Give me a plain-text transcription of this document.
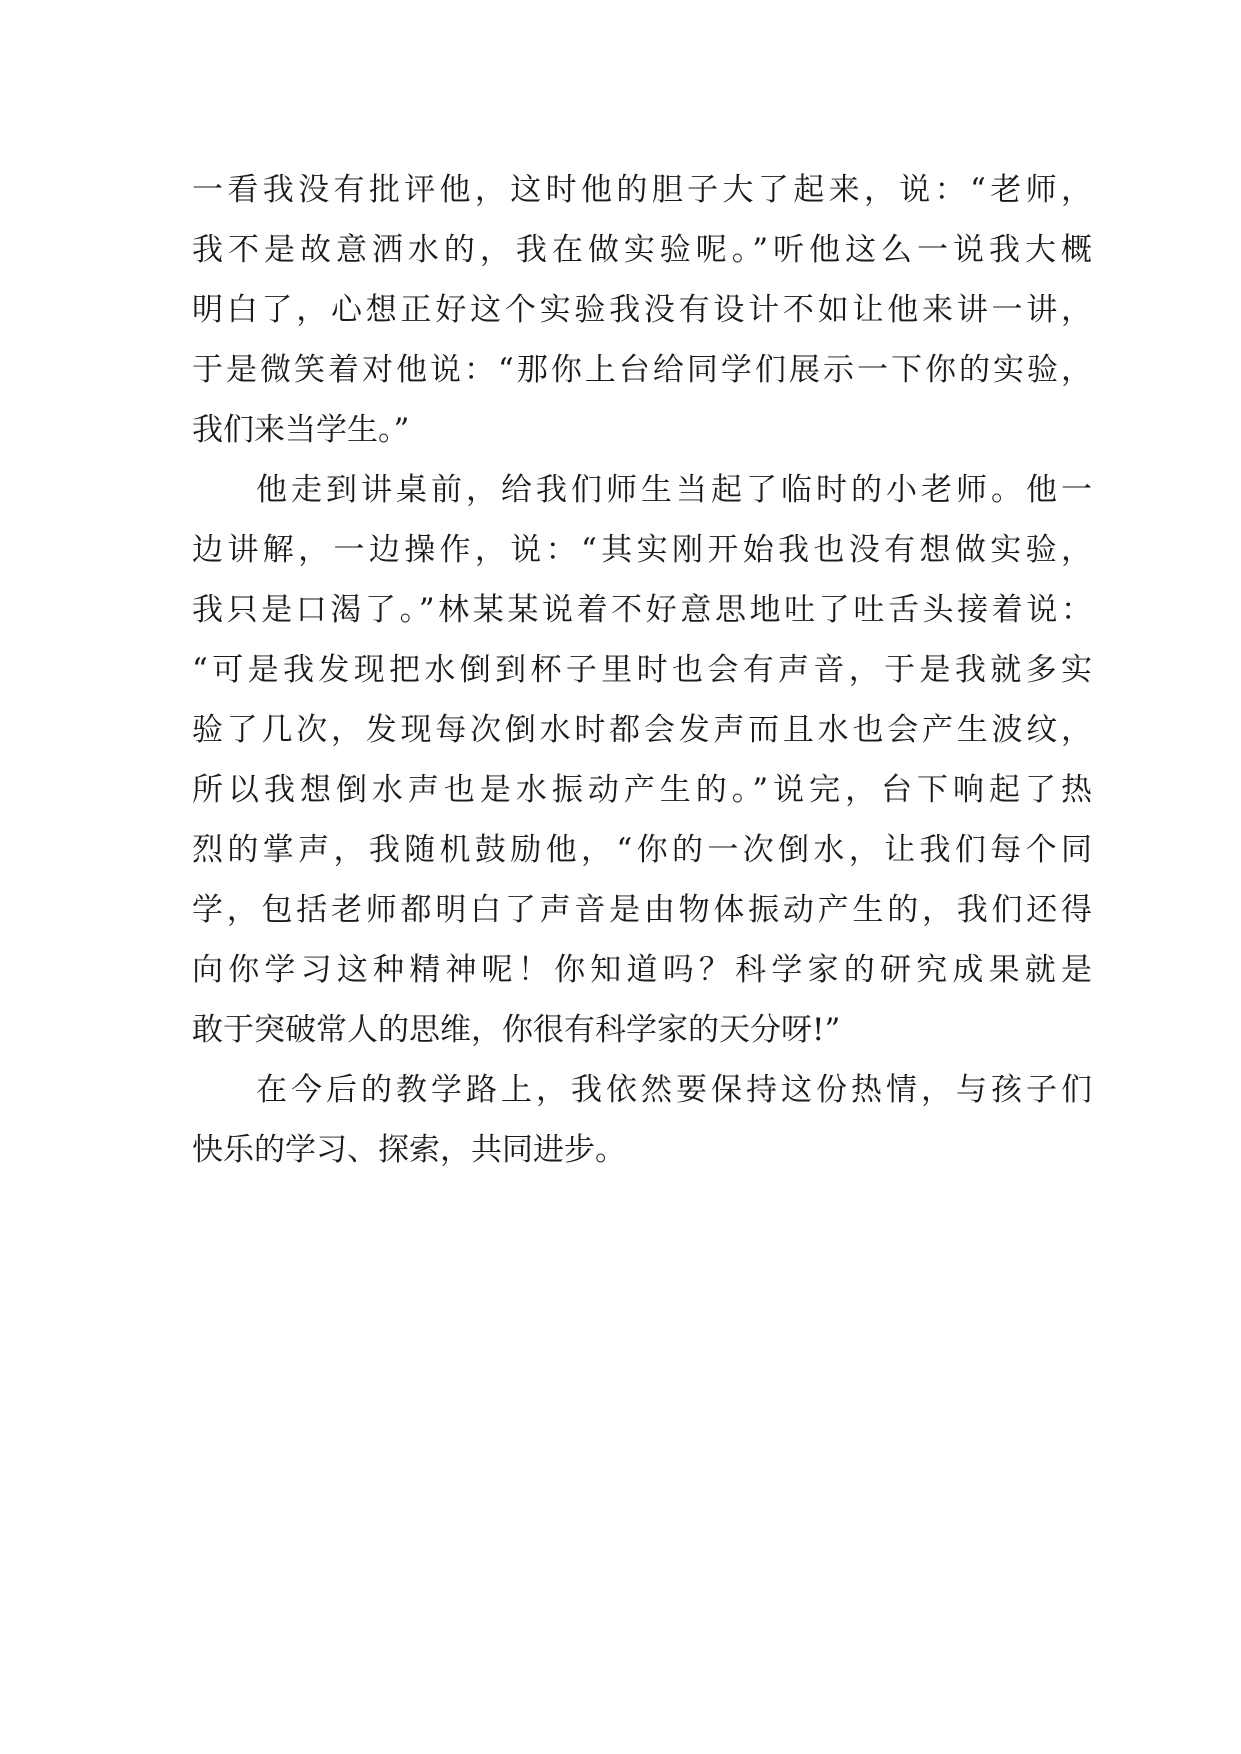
一看我没有批评他，这时他的胆子大了起来，说：“老师，
我不是故意洒水的，我在做实验呢。”听他这么一说我大概
明白了，心想正好这个实验我没有设计不如让他来讲一讲，
于是微笑着对他说：“那你上台给同学们展示一下你的实验，
我们来当学生。”
他走到讲桌前，给我们师生当起了临时的小老师。他一
边讲解，一边操作，说：“其实刚开始我也没有想做实验，
我只是口渴了。”林某某说着不好意思地吐了吐舌头接着说：
“可是我发现把水倒到杯子里时也会有声音，于是我就多实
验了几次，发现每次倒水时都会发声而且水也会产生波纹，
所以我想倒水声也是水振动产生的。”说完，台下响起了热
烈的掌声，我随机鼓励他，“你的一次倒水，让我们每个同
学，包括老师都明白了声音是由物体振动产生的，我们还得
向你学习这种精神呢！你知道吗？科学家的研究成果就是
敢于突破常人的思维，你很有科学家的天分呀!”
在今后的教学路上，我依然要保持这份热情，与孩子们
快乐的学习、探索，共同进步。
